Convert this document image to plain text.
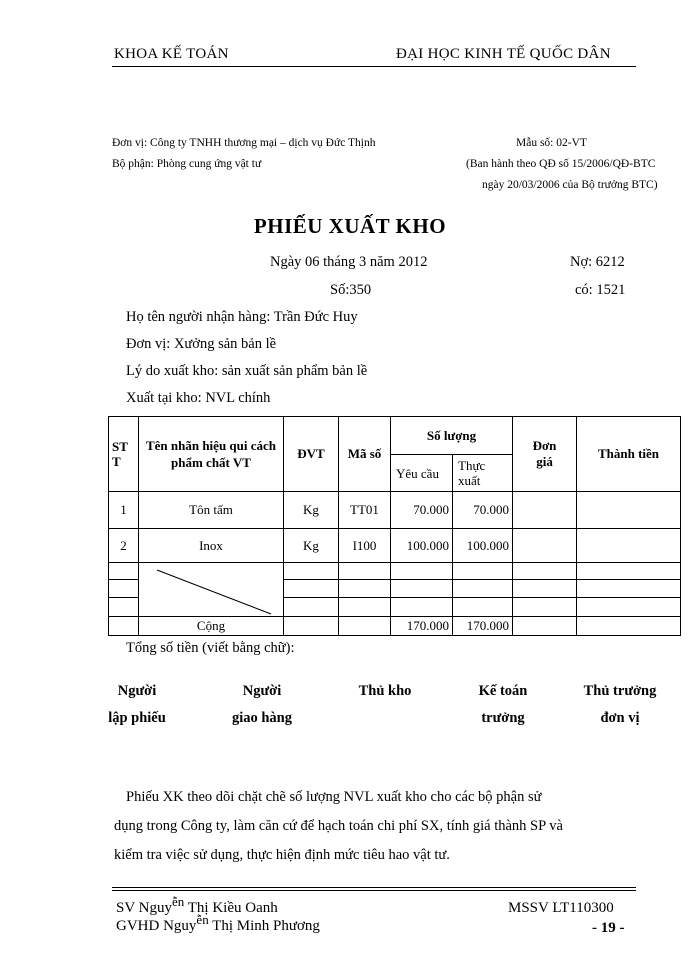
KHOA KẾ TOÁN	ĐẠI HỌC KINH TẾ QUỐC DÂN
Đơn vị: Công ty TNHH thương mại – dịch vụ Đức Thịnh
Bộ phận: Phòng cung ứng vật tư
Mẫu số: 02-VT
(Ban hành theo QĐ số 15/2006/QĐ-BTC
ngày 20/03/2006 của Bộ trưởng BTC)
PHIẾU XUẤT KHO
Ngày 06 tháng 3 năm 2012	Nợ: 6212
Số:350	có: 1521
Họ tên người nhận hàng: Trần Đức Huy
Đơn vị: Xưởng sản bản lề
Lý do xuất kho: sản xuất sản phẩm bản lề
Xuất tại kho: NVL chính
ST T	Tên nhãn hiệu qui cách phẩm chất VT	ĐVT	Mã số	Số lượng		Đơn giá	Thành tiền
				Yêu cầu	Thực xuất		
1	Tôn tấm	Kg	TT01	70.000	70.000		
2	Inox	Kg	I100	100.000	100.000		

	Cộng			170.000	170.000		
Tổng số tiền (viết bằng chữ):
Người
lập phiếu
Người
giao hàng
Thủ kho	Kế toán
trưởng
Thủ trưởng
đơn vị
Phiếu XK theo dõi chặt chẽ số lượng NVL xuất kho cho các bộ phận sử
dụng trong Công ty, làm căn cứ để hạch toán chi phí SX, tính giá thành SP và
kiểm tra việc sử dụng, thực hiện định mức tiêu hao vật tư.
SV Nguyễn Thị Kiều Oanh
GVHD Nguyễn Thị Minh Phương
MSSV LT110300
- 19 -
